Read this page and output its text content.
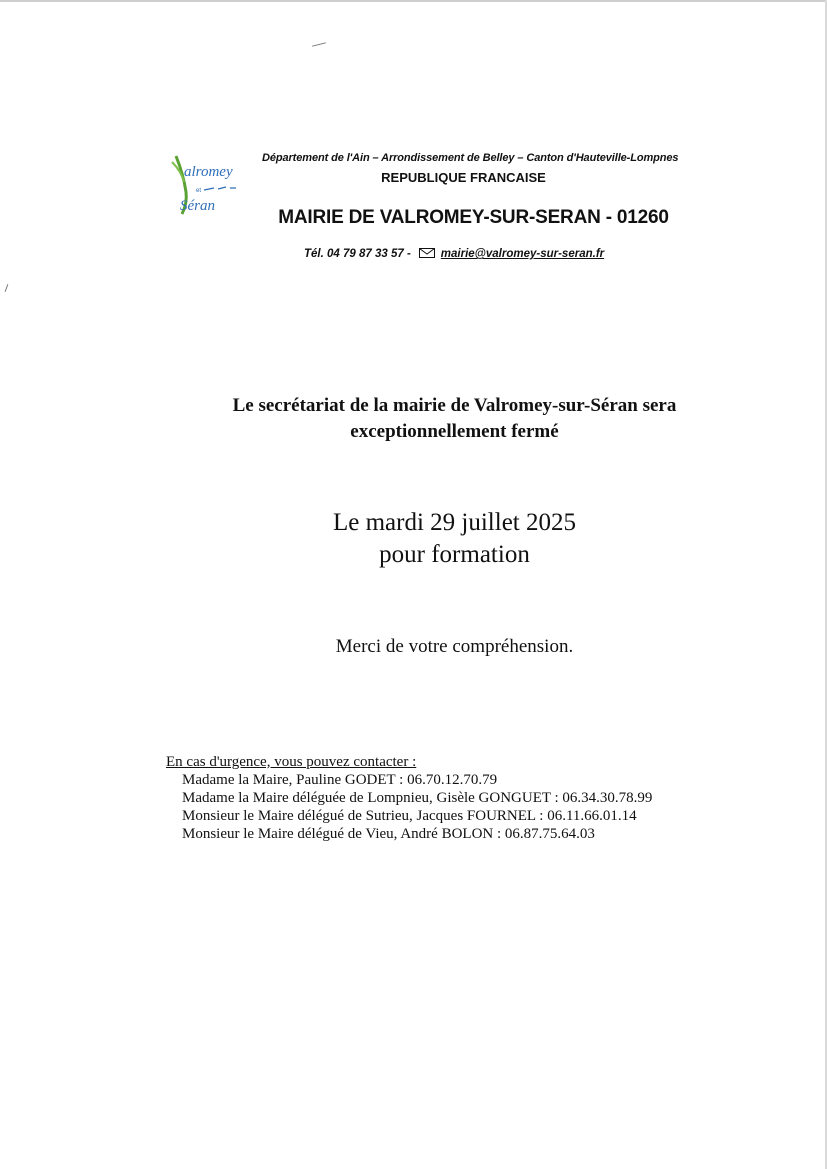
alromey
et
Séran
Département de l'Ain – Arrondissement de Belley – Canton d'Hauteville-Lompnes
REPUBLIQUE FRANCAISE
MAIRIE DE VALROMEY-SUR-SERAN - 01260
Tél. 04 79 87 33 57 -	mairie@valromey-sur-seran.fr
Le secrétariat de la mairie de Valromey-sur-Séran sera
exceptionnellement fermé
Le mardi 29 juillet 2025
pour formation
Merci de votre compréhension.
En cas d'urgence, vous pouvez contacter :
Madame la Maire, Pauline GODET : 06.70.12.70.79
Madame la Maire déléguée de Lompnieu, Gisèle GONGUET : 06.34.30.78.99
Monsieur le Maire délégué de Sutrieu, Jacques FOURNEL : 06.11.66.01.14
Monsieur le Maire délégué de Vieu, André BOLON : 06.87.75.64.03
